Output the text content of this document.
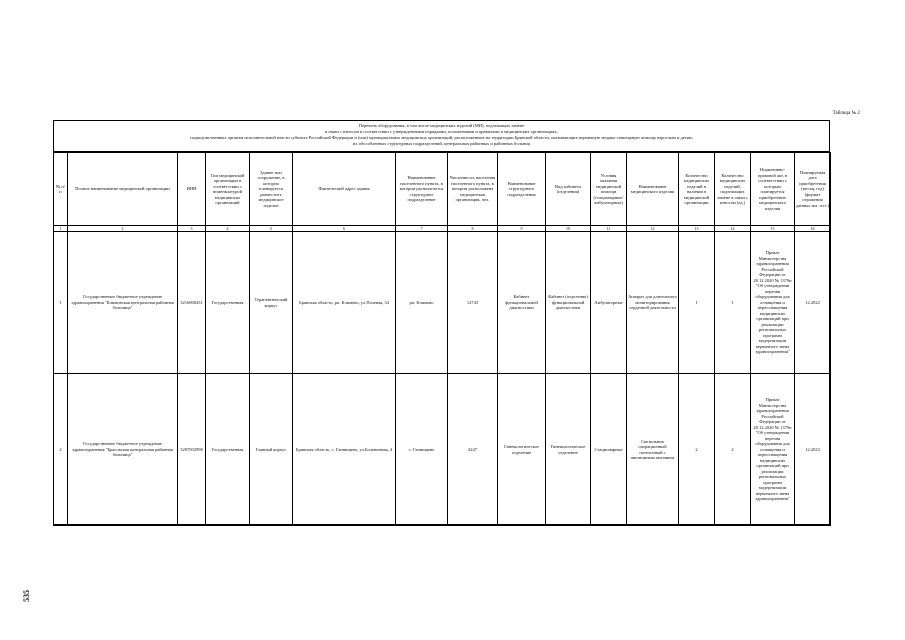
Таблица № 2
Перечень оборудования, в том числе медицинских изделий (МИ), подлежащих замене
в связи с износом в соответствии с утвержденными порядками, положениями и правилами в медицинских организациях,
подведомственных органам исполнительной власти субъекта Российской Федерации и (или) муниципальных медицинских организаций, расположенных на территории Брянской области, оказывающих первичную медико-санитарную помощь взрослым и детям,
их обособленных структурных подразделений, центральных районных и районных больниц
№ п/п	Полное наименование медицинской организации	ИНН	Тип медицинской организации в соответствии с номенклатурой медицинских организаций	Здание или сооружение, в котором планируется разместить медицинское изделие	Фактический адрес здания	Наименование населенного пункта, в котором располагается структурное подразделение	Численность населения населенного пункта, в котором расположена медицинская организация, чел.	Наименование структурного подразделения	Вид кабинета (отделения)	Условия оказания медицинской помощи (стационарные/ амбулаторные)	Наименование медицинского изделия	Количество медицинских изделий в наличии в медицинской организации	Количество медицинских изделий, подлежащих замене в связи с износом (ед.)	Нормативно-правовой акт, в соответствии с которым планируется приобретение медицинского изделия	Планируемая дата приобретения (месяц, год) (формат отражения данных мм. гггг.)
1	2	3	4	5	6	7	8	9	10	11	12	13	14	15	16
1	Государственное бюджетное учреждение здравоохранения "Климовская центральная районная больница"	3216000431	Государственная	Терапевтический корпус	Брянская область, рп. Климово, ул.Полевая, 34	рп. Климово	12743	Кабинет функциональной диагностики	Кабинет (отделение) функциональной диагностики	Амбулаторные	Аппарат для длительного мониторирования сердечной деятельности	1	1	Приказ Министерства здравоохранения Российской Федерации от 28.12.2020 № 1379н "Об утверждении перечня оборудования для оснащения и переоснащения медицинских организаций при реализации региональных программ модернизации первичного звена здравоохранения"	12.2022
2	Государственное бюджетное учреждение здравоохранения "Брасовская центральная районная больница"	3207002998	Государственная	Главный корпус	Брянская область, с. Глинищево, ул.Больничная, 4	с. Глинищево	4247	Гинекологическое отделение	Гинекологическое отделение	Стационарные	Светильник операционный потолочный с автономным питанием	2	2	Приказ Министерства здравоохранения Российской Федерации от 28.12.2020 № 1379н "Об утверждении перечня оборудования для оснащения и переоснащения медицинских организаций при реализации региональных программ модернизации первичного звена здравоохранения"	12.2023
535
